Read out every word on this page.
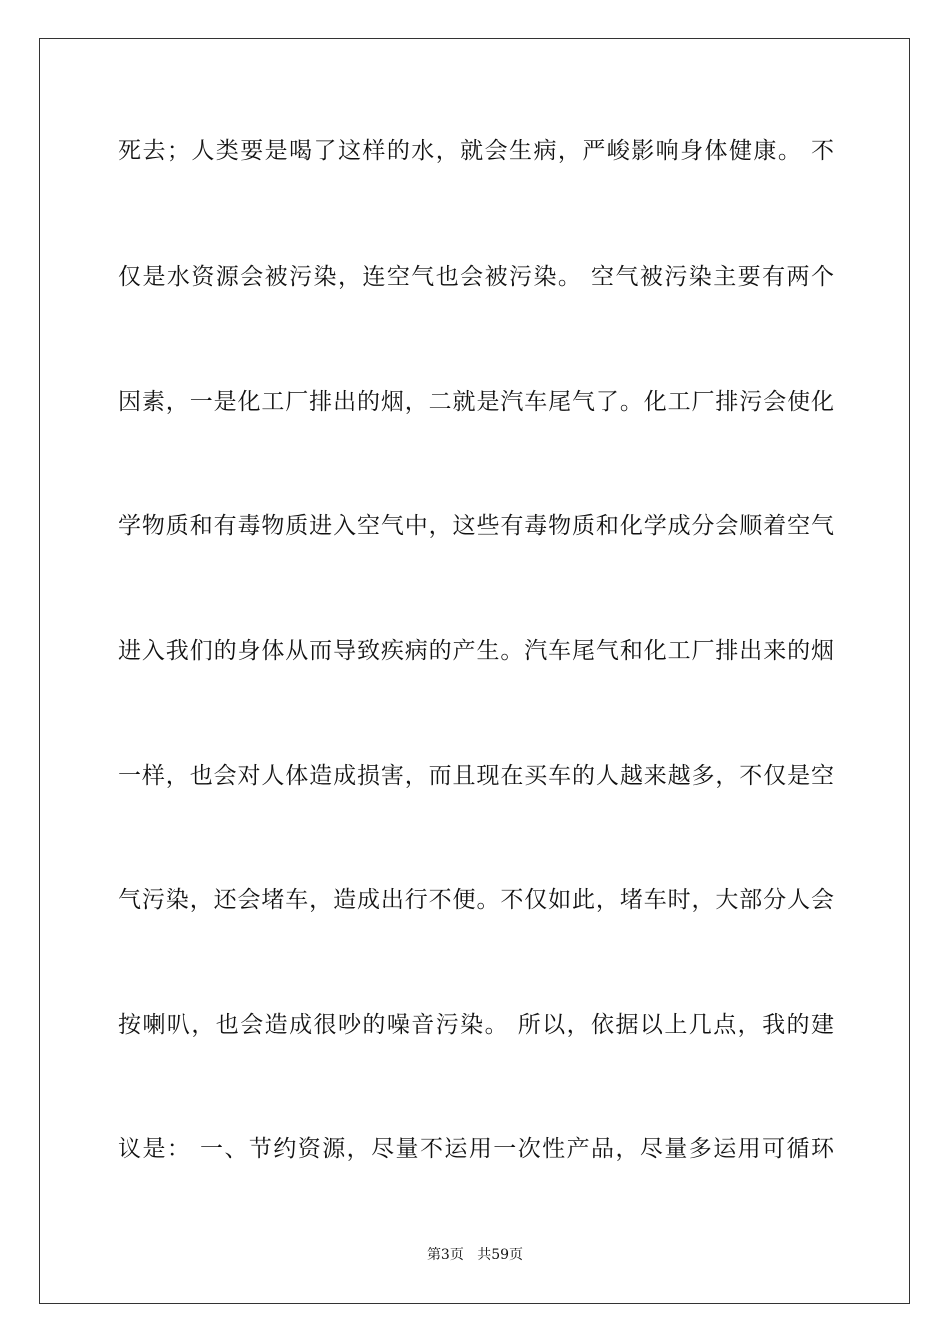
死去；人类要是喝了这样的水，就会生病，严峻影响身体健康。 不
仅是水资源会被污染，连空气也会被污染。 空气被污染主要有两个
因素，一是化工厂排出的烟，二就是汽车尾气了。化工厂排污会使化
学物质和有毒物质进入空气中，这些有毒物质和化学成分会顺着空气
进入我们的身体从而导致疾病的产生。汽车尾气和化工厂排出来的烟
一样，也会对人体造成损害，而且现在买车的人越来越多，不仅是空
气污染，还会堵车，造成出行不便。不仅如此，堵车时，大部分人会
按喇叭，也会造成很吵的噪音污染。 所以，依据以上几点，我的建
议是： 一、节约资源，尽量不运用一次性产品，尽量多运用可循环
第3页 共59页
